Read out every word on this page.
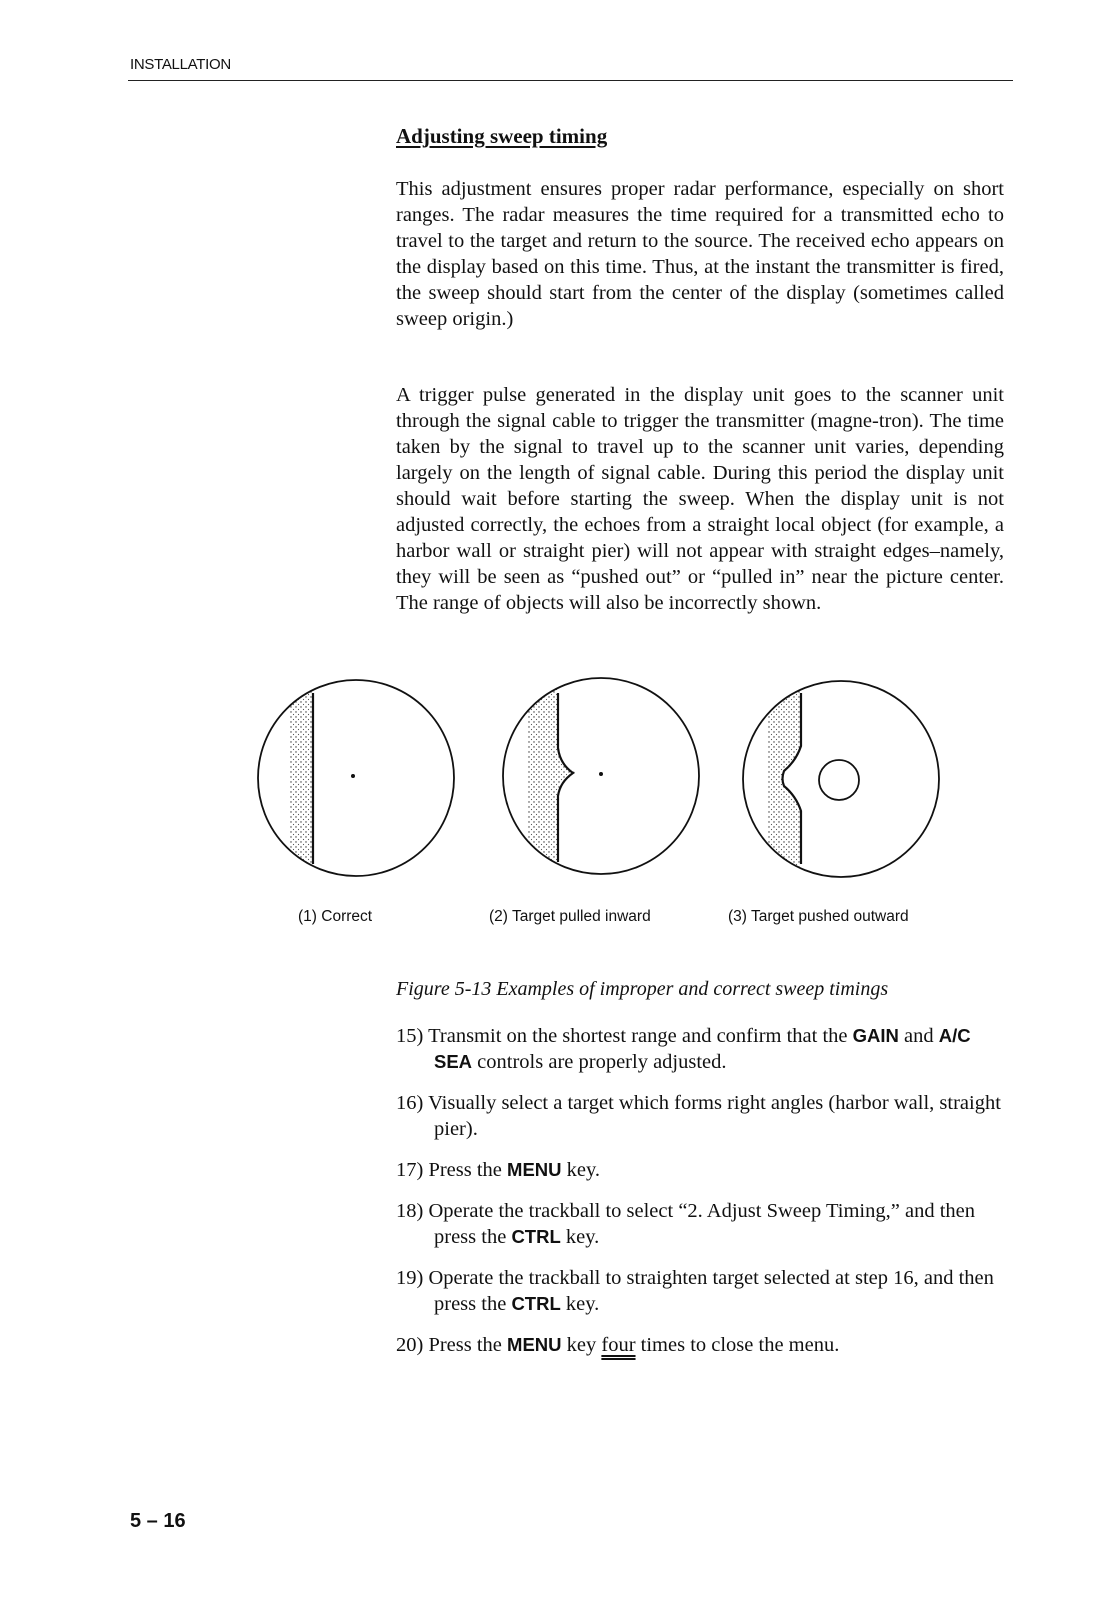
INSTALLATION
Adjusting sweep timing

This adjustment ensures proper radar performance, especially on short ranges. The radar measures the time required for a transmitted echo to travel to the target and return to the source. The received echo appears on the display based on this time. Thus, at the instant the transmitter is fired, the sweep should start from the center of the display (sometimes called sweep origin.)

A trigger pulse generated in the display unit goes to the scanner unit through the signal cable to trigger the transmitter (magne-tron). The time taken by the signal to travel up to the scanner unit varies, depending largely on the length of signal cable. During this period the display unit should wait before starting the sweep. When the display unit is not adjusted correctly, the echoes from a straight local object (for example, a harbor wall or straight pier) will not appear with straight edges–namely, they will be seen as “pushed out” or “pulled in” near the picture center. The range of objects will also be incorrectly shown.

(1) Correct	(2) Target pulled inward	(3) Target pushed outward
Figure 5-13 Examples of improper and correct sweep timings
15) Transmit on the shortest range and confirm that the GAIN and A/C SEA controls are properly adjusted.
16) Visually select a target which forms right angles (harbor wall, straight pier).
17) Press the MENU key.
18) Operate the trackball to select “2. Adjust Sweep Timing,” and then press the CTRL key.
19) Operate the trackball to straighten target selected at step 16, and then press the CTRL key.
20) Press the MENU key four times to close the menu.
5 – 16
